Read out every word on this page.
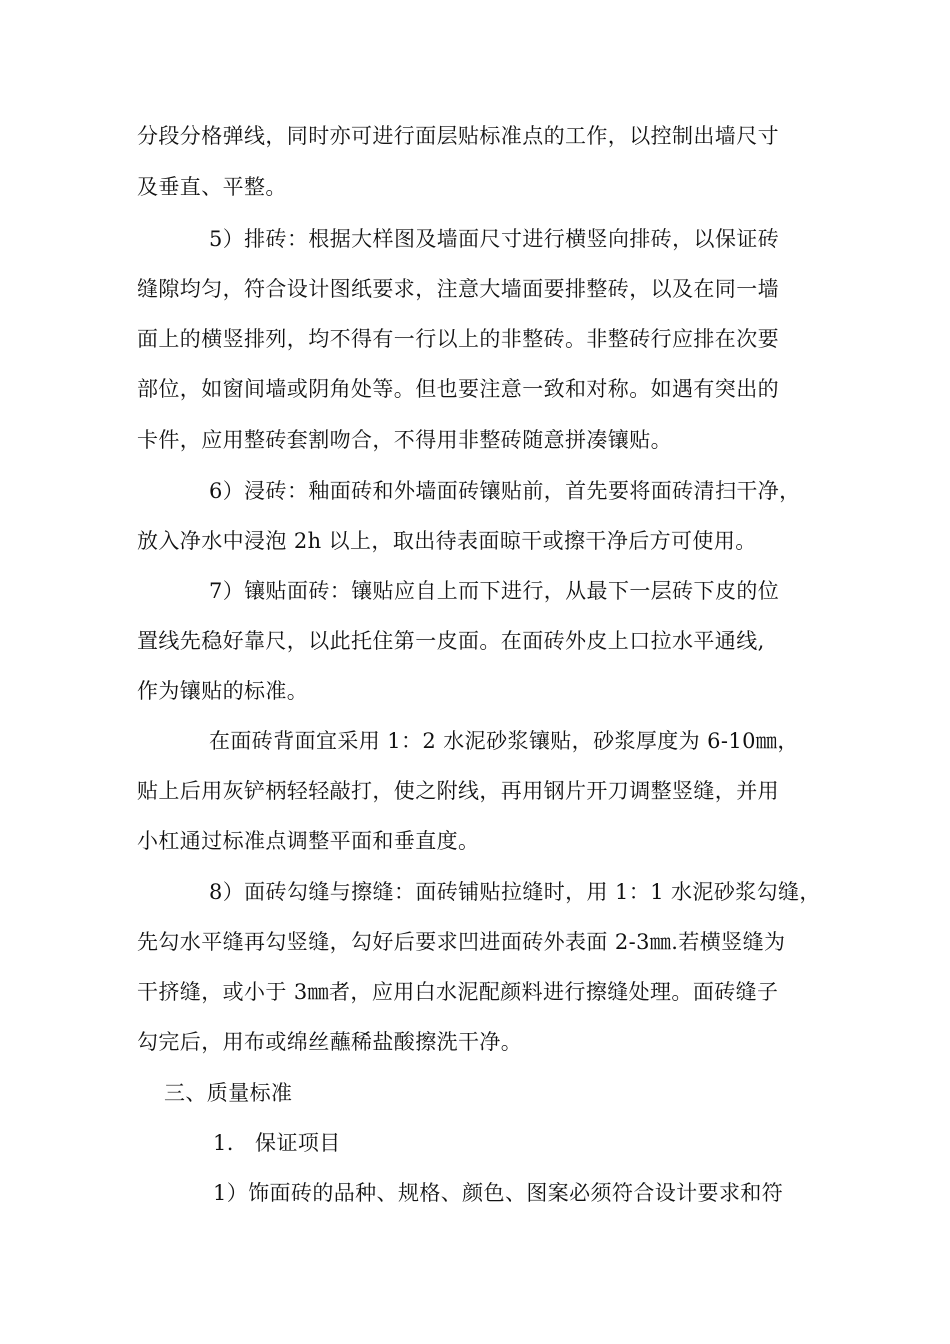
分段分格弹线，同时亦可进行面层贴标准点的工作，以控制出墙尺寸
及垂直、平整。
5）排砖：根据大样图及墙面尺寸进行横竖向排砖，以保证砖
缝隙均匀，符合设计图纸要求，注意大墙面要排整砖，以及在同一墙
面上的横竖排列，均不得有一行以上的非整砖。非整砖行应排在次要
部位，如窗间墙或阴角处等。但也要注意一致和对称。如遇有突出的
卡件，应用整砖套割吻合，不得用非整砖随意拼凑镶贴。
6）浸砖：釉面砖和外墙面砖镶贴前，首先要将面砖清扫干净，
放入净水中浸泡 2h 以上，取出待表面晾干或擦干净后方可使用。
7）镶贴面砖：镶贴应自上而下进行，从最下一层砖下皮的位
置线先稳好靠尺，以此托住第一皮面。在面砖外皮上口拉水平通线,
作为镶贴的标准。
在面砖背面宜采用 1：2 水泥砂浆镶贴，砂浆厚度为 6-10㎜，
贴上后用灰铲柄轻轻敲打，使之附线，再用钢片开刀调整竖缝，并用
小杠通过标准点调整平面和垂直度。
8）面砖勾缝与擦缝：面砖铺贴拉缝时，用 1：1 水泥砂浆勾缝，
先勾水平缝再勾竖缝，勾好后要求凹进面砖外表面 2-3㎜.若横竖缝为
干挤缝，或小于 3㎜者，应用白水泥配颜料进行擦缝处理。面砖缝子
勾完后，用布或绵丝蘸稀盐酸擦洗干净。
三、质量标准
1.   保证项目
1）饰面砖的品种、规格、颜色、图案必须符合设计要求和符
